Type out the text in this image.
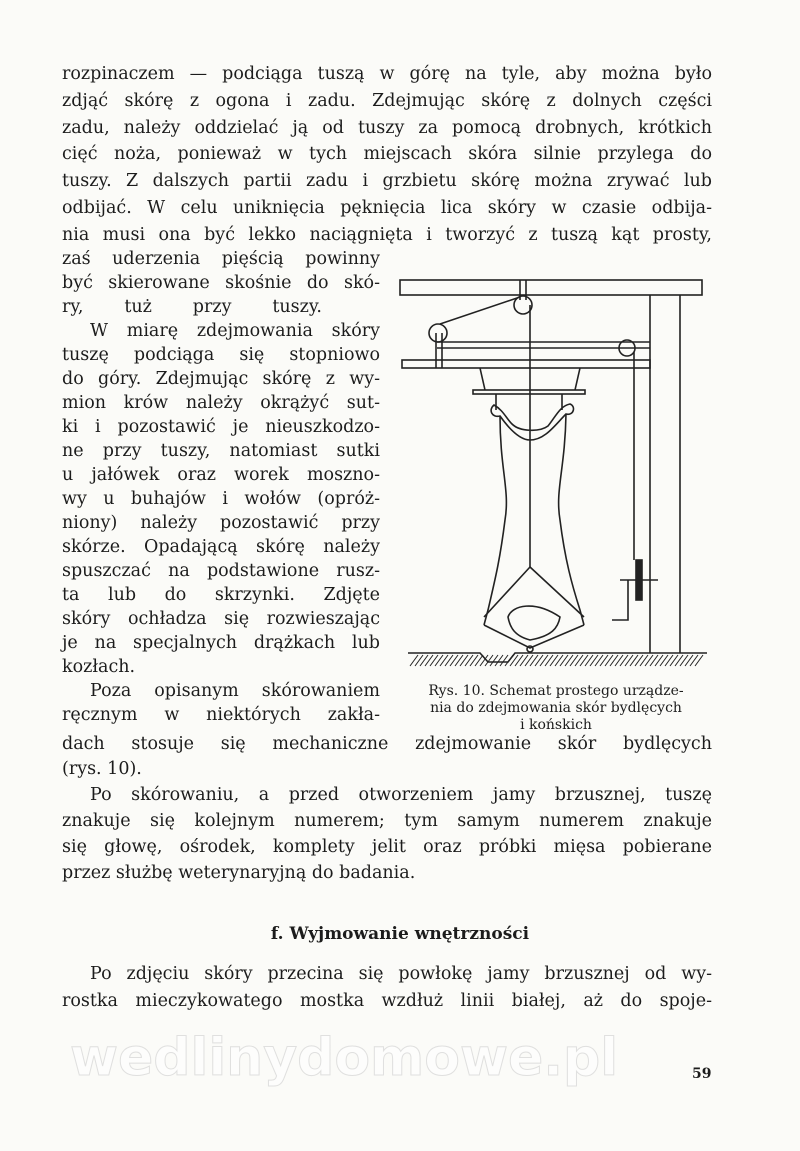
rozpinaczem — podciąga tuszą w górę na tyle, aby można było
zdjąć skórę z ogona i zadu. Zdejmując skórę z dolnych części
zadu, należy oddzielać ją od tuszy za pomocą drobnych, krótkich
cięć noża, ponieważ w tych miejscach skóra silnie przylega do
tuszy. Z dalszych partii zadu i grzbietu skórę można zrywać lub
odbijać. W celu uniknięcia pęknięcia lica skóry w czasie odbija-
nia musi ona być lekko naciągnięta i tworzyć z tuszą kąt prosty,
zaś uderzenia pięścią powinny
być skierowane skośnie do skó-
ry, tuż przy tuszy.
W miarę zdejmowania skóry
tuszę podciąga się stopniowo
do góry. Zdejmując skórę z wy-
mion krów należy okrążyć sut-
ki i pozostawić je nieuszkodzo-
ne przy tuszy, natomiast sutki
u jałówek oraz worek moszno-
wy u buhajów i wołów (opróż-
niony) należy pozostawić przy
skórze. Opadającą skórę należy
spuszczać na podstawione rusz-
ta lub do skrzynki. Zdjęte
skóry ochładza się rozwieszając
je na specjalnych drążkach lub
kozłach.
Poza opisanym skórowaniem
ręcznym w niektórych zakła-
dach stosuje się mechaniczne zdejmowanie skór bydlęcych
(rys. 10).
Po skórowaniu, a przed otworzeniem jamy brzusznej, tuszę
znakuje się kolejnym numerem; tym samym numerem znakuje
się głowę, ośrodek, komplety jelit oraz próbki mięsa pobierane
przez służbę weterynaryjną do badania.
Rys. 10. Schemat prostego urządze-
nia do zdejmowania skór bydlęcych
i końskich
f. Wyjmowanie wnętrzności
Po zdjęciu skóry przecina się powłokę jamy brzusznej od wy-
rostka mieczykowatego mostka wzdłuż linii białej, aż do spoje-
wedlinydomowe.pl	59
